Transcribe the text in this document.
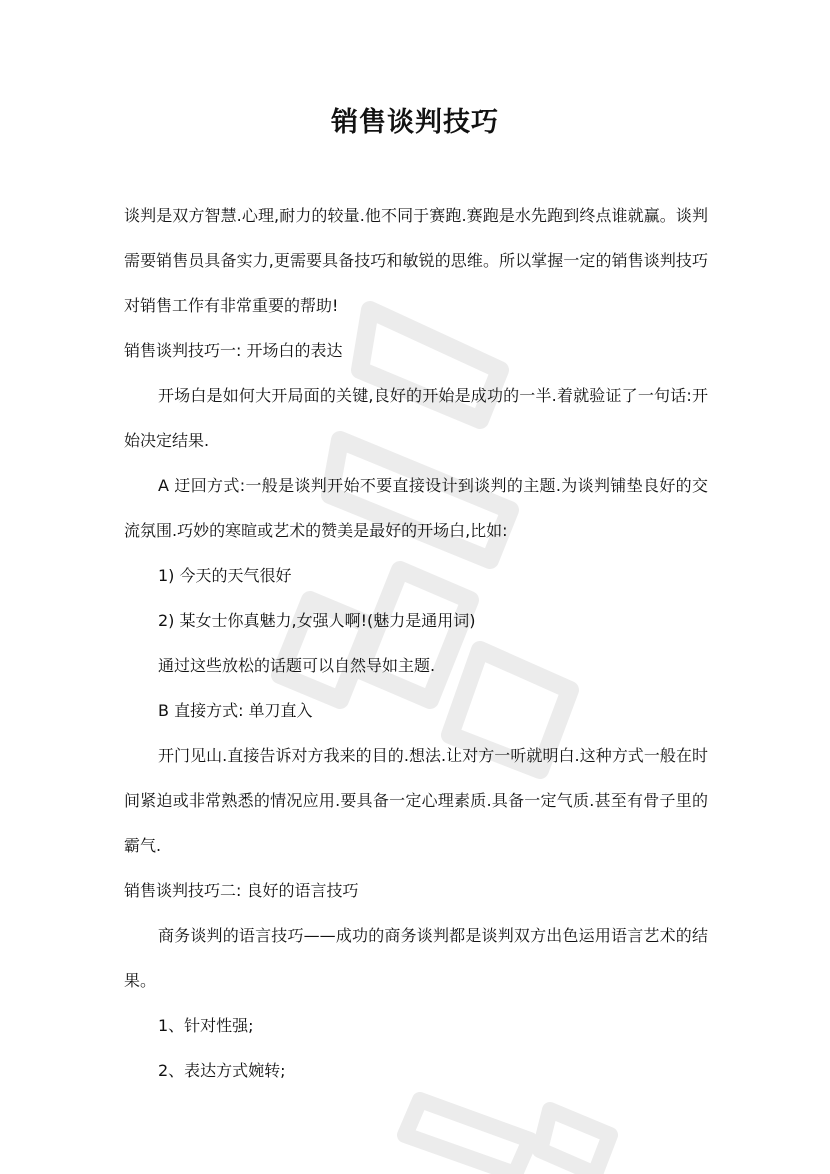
销售谈判技巧

谈判是双方智慧.心理,耐力的较量.他不同于赛跑.赛跑是水先跑到终点谁就赢。谈判需要销售员具备实力,更需要具备技巧和敏锐的思维。所以掌握一定的销售谈判技巧对销售工作有非常重要的帮助!

销售谈判技巧一: 开场白的表达

开场白是如何大开局面的关键,良好的开始是成功的一半.着就验证了一句话:开始决定结果.

A 迂回方式:一般是谈判开始不要直接设计到谈判的主题.为谈判铺垫良好的交流氛围.巧妙的寒暄或艺术的赞美是最好的开场白,比如:

1) 今天的天气很好

2) 某女士你真魅力,女强人啊!(魅力是通用词)

通过这些放松的话题可以自然导如主题.

B 直接方式: 单刀直入

开门见山.直接告诉对方我来的目的.想法.让对方一听就明白.这种方式一般在时间紧迫或非常熟悉的情况应用.要具备一定心理素质.具备一定气质.甚至有骨子里的霸气.

销售谈判技巧二: 良好的语言技巧

商务谈判的语言技巧——成功的商务谈判都是谈判双方出色运用语言艺术的结果。

1、针对性强;

2、表达方式婉转;
